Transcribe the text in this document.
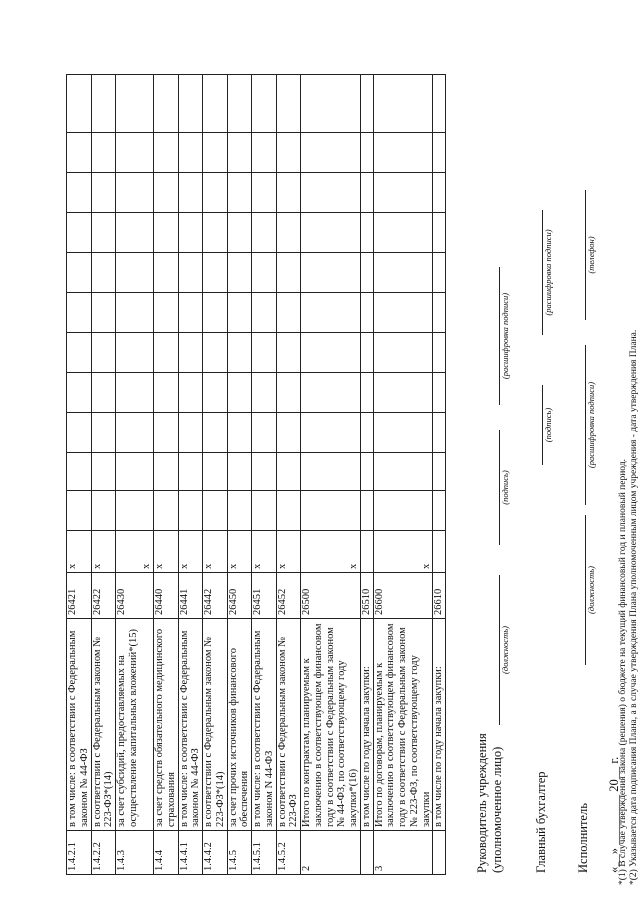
1.4.2.1	в том числе: в соответствии с Федеральным законом № 44-ФЗ	26421	x											
1.4.2.2	в соответствии с Федеральным законом № 223-ФЗ*(14)	26422	x											
1.4.3	за счет субсидий, предоставляемых на осуществление капитальных вложений*(15)	26430	x											
1.4.4	за счет средств обязательного медицинского страхования	26440	x											
1.4.4.1	в том числе: в соответствии с Федеральным законом № 44-ФЗ	26441	x											
1.4.4.2	в соответствии с Федеральным законом № 223-ФЗ*(14)	26442	x											
1.4.5	за счет прочих источников финансового обеспечения	26450	x											
1.4.5.1	в том числе: в соответствии с Федеральным законом N 44-ФЗ	26451	x											
1.4.5.2	в соответствии с Федеральным законом № 223-ФЗ	26452	x											
2	Итого по контрактам, планируемым к заключению в соответствующем финансовом году в соответствии с Федеральным законом № 44-ФЗ, по соответствующему году закупки*(16)	26500	x											
	в том числе по году начала закупки:	26510												
3	Итого по договорам, планируемым к заключению в соответствующем финансовом году в соответствии с Федеральным законом № 223-ФЗ, по соответствующему году закупки	26600	x											
	в том числе по году начала закупки:	26610												
Руководитель учреждения (уполномоченное лицо)
(должность)
(подпись)
(расшифровка подписи)
Главный бухгалтер
(подпись)
(расшифровка подписи)
Исполнитель
(должность)
(расшифровка подписи)
(телефон)
«__» ________ 20__ г.
*(1) В случае утверждения закона (решения) о бюджете на текущий финансовый год и плановый период. *(2) Указывается дата подписания Плана, а в случае утверждения Плана уполномоченным лицом учреждения - дата утверждения Плана.
